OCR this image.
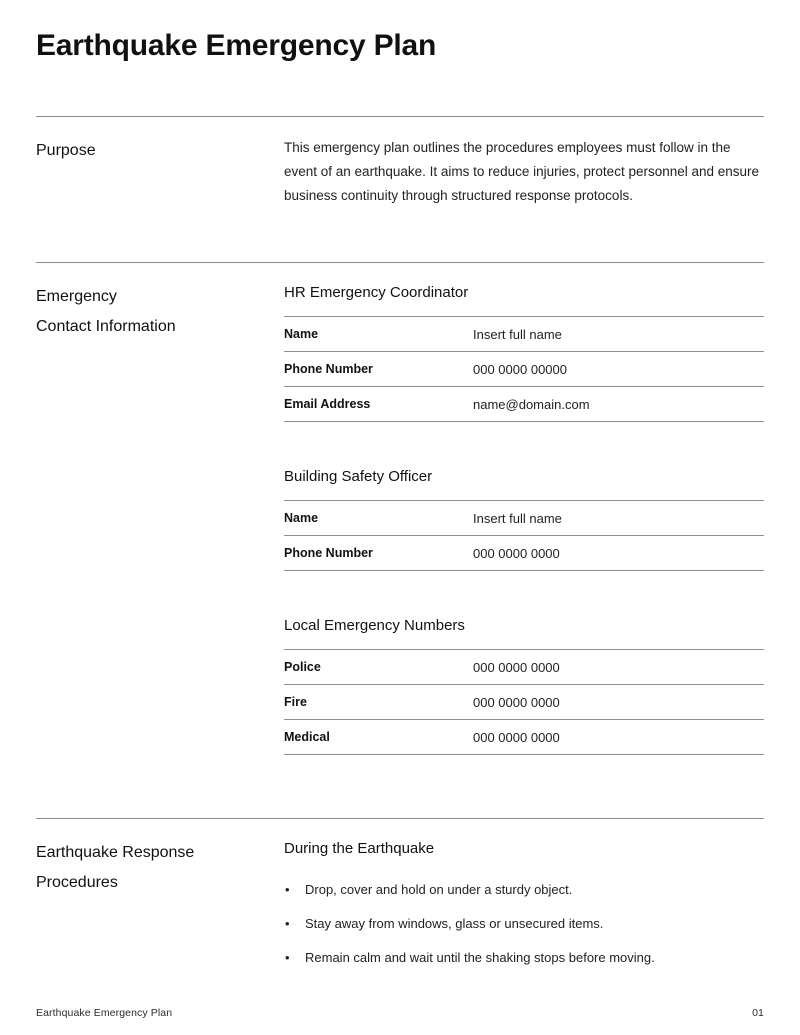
Earthquake Emergency Plan
Purpose	This emergency plan outlines the procedures employees must follow in the event of an earthquake. It aims to reduce injuries, protect personnel and ensure business continuity through structured response protocols.

Emergency
Contact Information
HR Emergency Coordinator
Name	Insert full name
Phone Number	000 0000 00000
Email Address	name@domain.com
Building Safety Officer
Name	Insert full name
Phone Number	000 0000 0000
Local Emergency Numbers
Police	000 0000 0000
Fire	000 0000 0000
Medical	000 0000 0000
Earthquake Response
Procedures
During the Earthquake
• Drop, cover and hold on under a sturdy object.
• Stay away from windows, glass or unsecured items.
• Remain calm and wait until the shaking stops before moving.
Earthquake Emergency Plan	01
